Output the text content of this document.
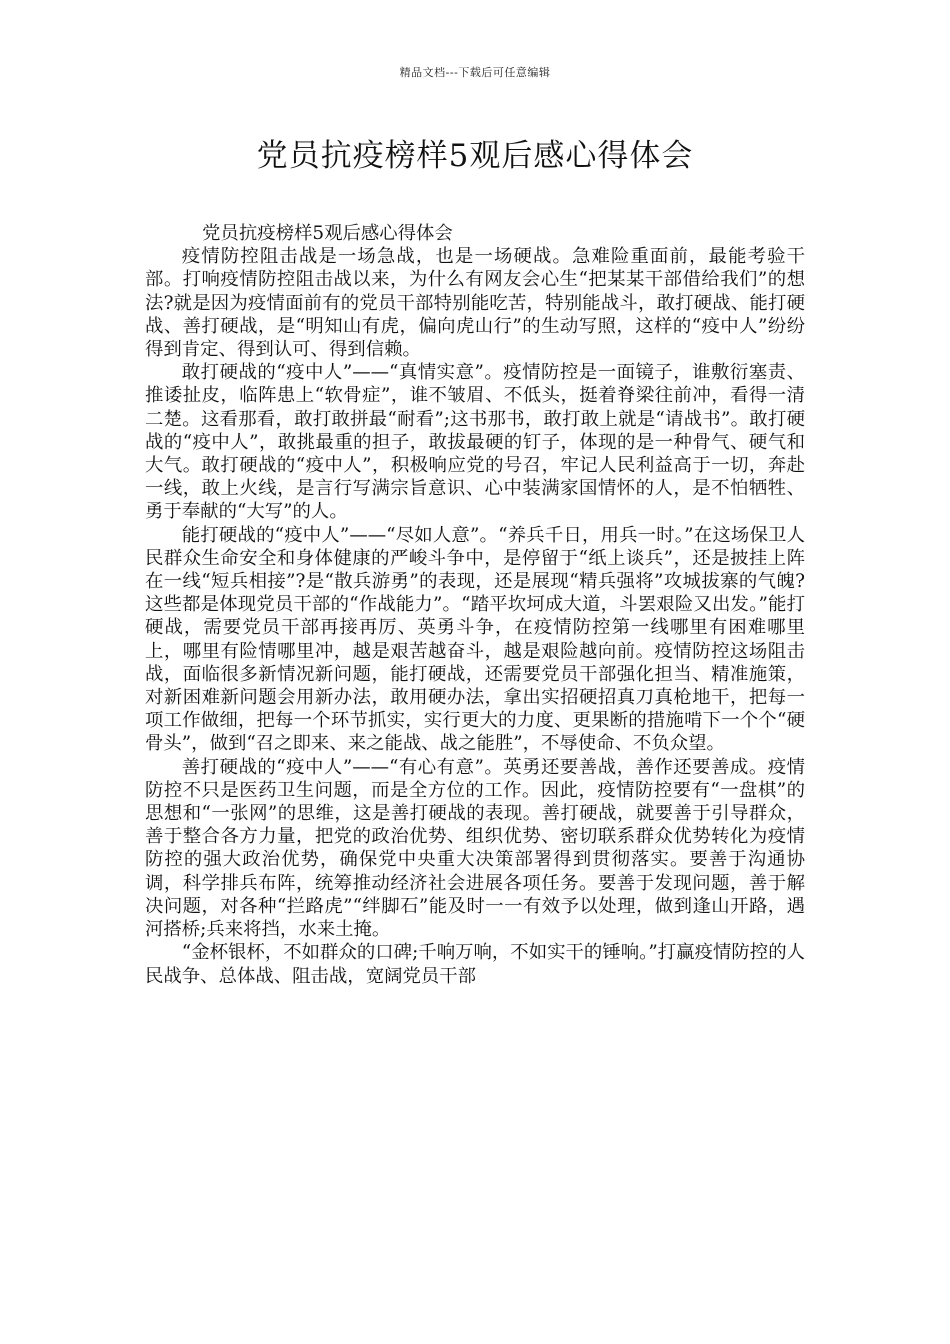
精品文档---下载后可任意编辑
党员抗疫榜样5观后感心得体会

党员抗疫榜样5观后感心得体会

疫情防控阻击战是一场急战，也是一场硬战。急难险重面前，最能考验干部。打响疫情防控阻击战以来，为什么有网友会心生“把某某干部借给我们”的想法?就是因为疫情面前有的党员干部特别能吃苦，特别能战斗，敢打硬战、能打硬战、善打硬战，是“明知山有虎，偏向虎山行”的生动写照，这样的“疫中人”纷纷得到肯定、得到认可、得到信赖。

敢打硬战的“疫中人”——“真情实意”。疫情防控是一面镜子，谁敷衍塞责、推诿扯皮，临阵患上“软骨症”，谁不皱眉、不低头，挺着脊梁往前冲，看得一清二楚。这看那看，敢打敢拼最“耐看”;这书那书，敢打敢上就是“请战书”。敢打硬战的“疫中人”，敢挑最重的担子，敢拔最硬的钉子，体现的是一种骨气、硬气和大气。敢打硬战的“疫中人”，积极响应党的号召，牢记人民利益高于一切，奔赴一线，敢上火线，是言行写满宗旨意识、心中装满家国情怀的人，是不怕牺牲、勇于奉献的“大写”的人。

能打硬战的“疫中人”——“尽如人意”。“养兵千日，用兵一时。”在这场保卫人民群众生命安全和身体健康的严峻斗争中，是停留于“纸上谈兵”，还是披挂上阵在一线“短兵相接”?是“散兵游勇”的表现，还是展现“精兵强将”攻城拔寨的气魄?这些都是体现党员干部的“作战能力”。“踏平坎坷成大道，斗罢艰险又出发。”能打硬战，需要党员干部再接再厉、英勇斗争，在疫情防控第一线哪里有困难哪里上，哪里有险情哪里冲，越是艰苦越奋斗，越是艰险越向前。疫情防控这场阻击战，面临很多新情况新问题，能打硬战，还需要党员干部强化担当、精准施策，对新困难新问题会用新办法，敢用硬办法，拿出实招硬招真刀真枪地干，把每一项工作做细，把每一个环节抓实，实行更大的力度、更果断的措施啃下一个个“硬骨头”，做到“召之即来、来之能战、战之能胜”，不辱使命、不负众望。

善打硬战的“疫中人”——“有心有意”。英勇还要善战，善作还要善成。疫情防控不只是医药卫生问题，而是全方位的工作。因此，疫情防控要有“一盘棋”的思想和“一张网”的思维，这是善打硬战的表现。善打硬战，就要善于引导群众，善于整合各方力量，把党的政治优势、组织优势、密切联系群众优势转化为疫情防控的强大政治优势，确保党中央重大决策部署得到贯彻落实。要善于沟通协调，科学排兵布阵，统筹推动经济社会进展各项任务。要善于发现问题，善于解决问题，对各种“拦路虎”“绊脚石”能及时一一有效予以处理，做到逢山开路，遇河搭桥;兵来将挡，水来土掩。

“金杯银杯，不如群众的口碑;千响万响，不如实干的锤响。”打赢疫情防控的人民战争、总体战、阻击战，宽阔党员干部
